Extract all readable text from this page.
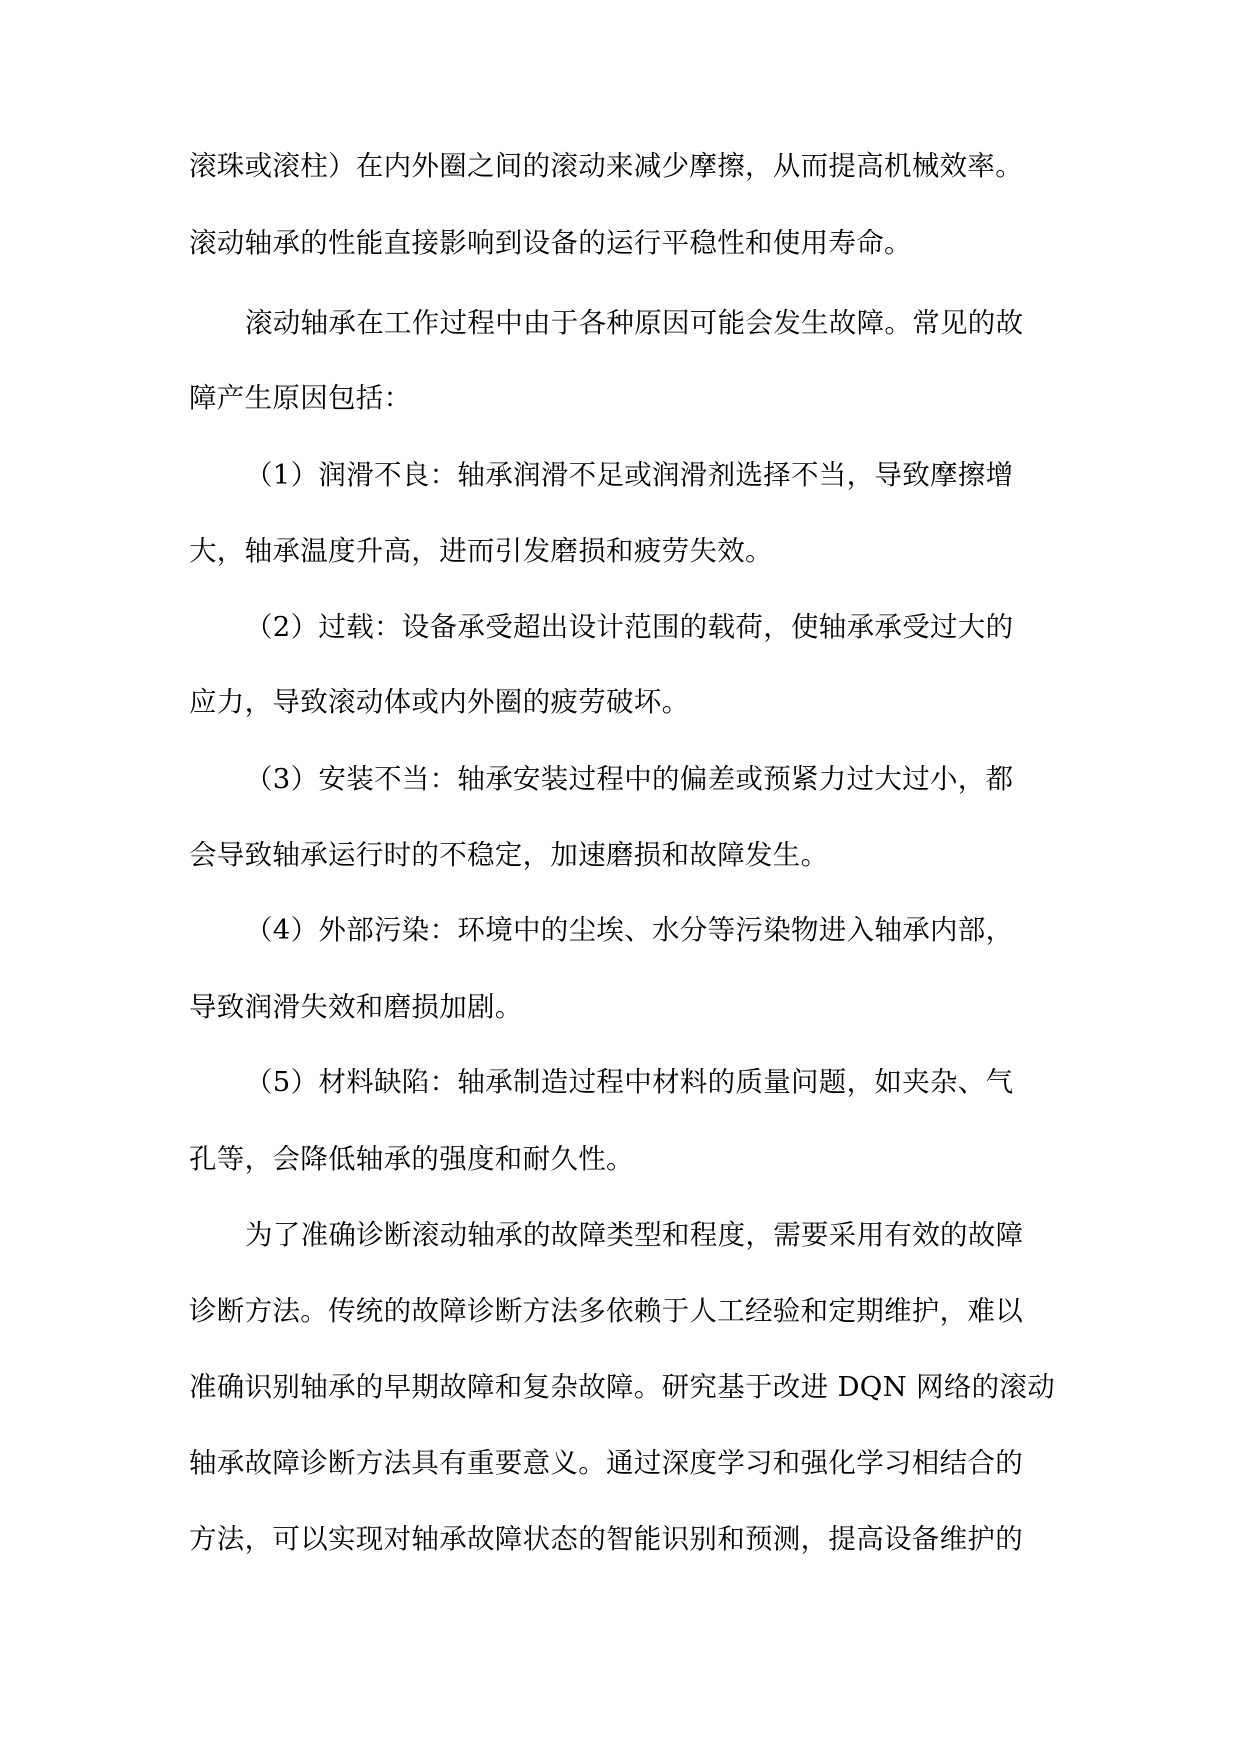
滚珠或滚柱）在内外圈之间的滚动来减少摩擦，从而提高机械效率。
滚动轴承的性能直接影响到设备的运行平稳性和使用寿命。
滚动轴承在工作过程中由于各种原因可能会发生故障。常见的故
障产生原因包括：
（1）润滑不良：轴承润滑不足或润滑剂选择不当，导致摩擦增
大，轴承温度升高，进而引发磨损和疲劳失效。
（2）过载：设备承受超出设计范围的载荷，使轴承承受过大的
应力，导致滚动体或内外圈的疲劳破坏。
（3）安装不当：轴承安装过程中的偏差或预紧力过大过小，都
会导致轴承运行时的不稳定，加速磨损和故障发生。
（4）外部污染：环境中的尘埃、水分等污染物进入轴承内部，
导致润滑失效和磨损加剧。
（5）材料缺陷：轴承制造过程中材料的质量问题，如夹杂、气
孔等，会降低轴承的强度和耐久性。
为了准确诊断滚动轴承的故障类型和程度，需要采用有效的故障
诊断方法。传统的故障诊断方法多依赖于人工经验和定期维护，难以
准确识别轴承的早期故障和复杂故障。研究基于改进 DQN 网络的滚动
轴承故障诊断方法具有重要意义。通过深度学习和强化学习相结合的
方法，可以实现对轴承故障状态的智能识别和预测，提高设备维护的
